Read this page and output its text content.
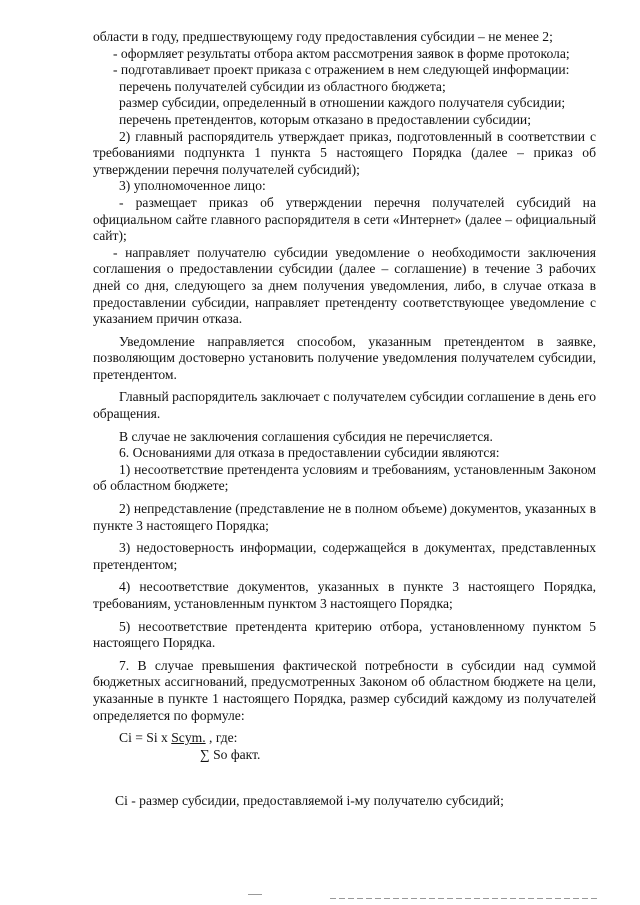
области в году, предшествующему году предоставления субсидии – не менее 2;

- оформляет результаты отбора актом рассмотрения заявок в форме протокола;

- подготавливает проект приказа с отражением в нем следующей информации:

перечень получателей субсидии из областного бюджета;

размер субсидии, определенный в отношении каждого получателя субсидии;

перечень претендентов, которым отказано в предоставлении субсидии;

2) главный распорядитель утверждает приказ, подготовленный в соответствии с требованиями подпункта 1 пункта 5 настоящего Порядка (далее – приказ об утверждении перечня получателей субсидий);

3) уполномоченное лицо:

- размещает приказ об утверждении перечня получателей субсидий на официальном сайте главного распорядителя в сети «Интернет» (далее – официальный сайт);

- направляет получателю субсидии уведомление о необходимости заключения соглашения о предоставлении субсидии (далее – соглашение) в течение 3 рабочих дней со дня, следующего за днем получения уведомления, либо, в случае отказа в предоставлении субсидии, направляет претенденту соответствующее уведомление с указанием причин отказа.

Уведомление направляется способом, указанным претендентом в заявке, позволяющим достоверно установить получение уведомления получателем субсидии, претендентом.

Главный распорядитель заключает с получателем субсидии соглашение в день его обращения.

В случае не заключения соглашения субсидия не перечисляется.

6. Основаниями для отказа в предоставлении субсидии являются:

1) несоответствие претендента условиям и требованиям, установленным Законом об областном бюджете;

2) непредставление (представление не в полном объеме) документов, указанных в пункте 3 настоящего Порядка;

3) недостоверность информации, содержащейся в документах, представленных претендентом;

4) несоответствие документов, указанных в пункте 3 настоящего Порядка, требованиям, установленным пунктом 3 настоящего Порядка;

5) несоответствие претендента критерию отбора, установленному пунктом 5 настоящего Порядка.

7. В случае превышения фактической потребности в субсидии над суммой бюджетных ассигнований, предусмотренных Законом об областном бюджете на цели, указанные в пункте 1 настоящего Порядка, размер субсидий каждому из получателей определяется по формуле:

Ci = Si x Scym. , где:

∑ So факт.

Ci - размер субсидии, предоставляемой i-му получателю субсидий;
